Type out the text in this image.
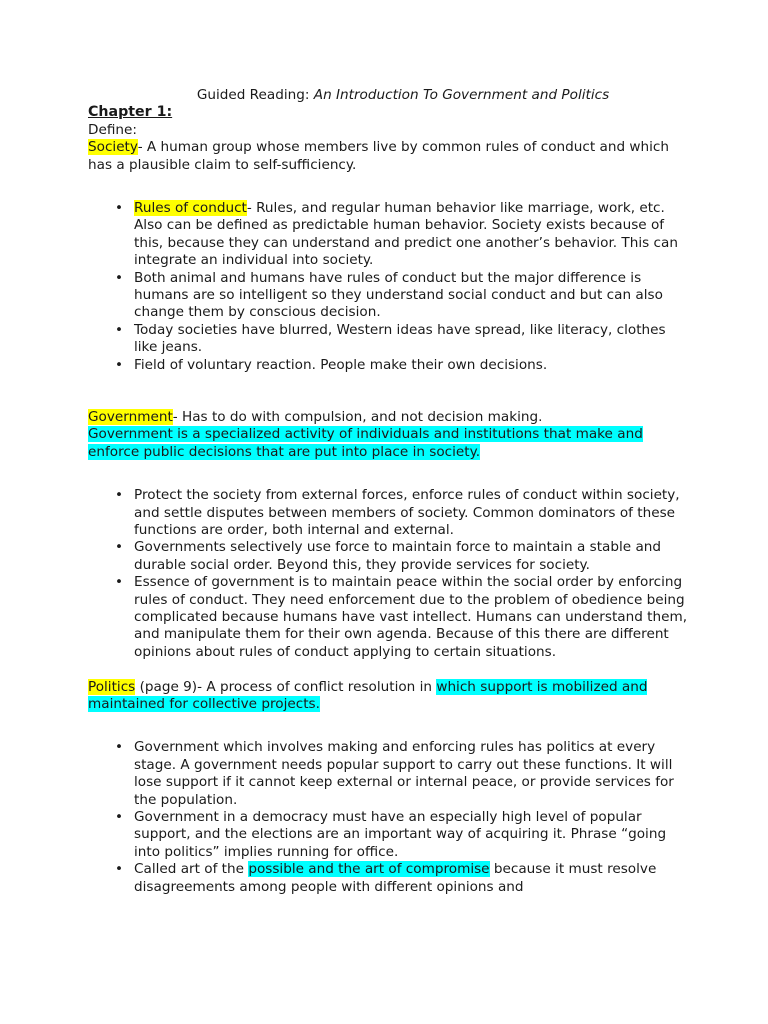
Guided Reading: An Introduction To Government and Politics

Chapter 1:

Define:

Society- A human group whose members live by common rules of conduct and which has a plausible claim to self-sufficiency.

• Rules of conduct- Rules, and regular human behavior like marriage, work, etc. Also can be defined as predictable human behavior. Society exists because of this, because they can understand and predict one another’s behavior. This can integrate an individual into society.
• Both animal and humans have rules of conduct but the major difference is humans are so intelligent so they understand social conduct and but can also change them by conscious decision.
• Today societies have blurred, Western ideas have spread, like literacy, clothes like jeans.
• Field of voluntary reaction. People make their own decisions.

Government- Has to do with compulsion, and not decision making.
Government is a specialized activity of individuals and institutions that make and enforce public decisions that are put into place in society.

• Protect the society from external forces, enforce rules of conduct within society, and settle disputes between members of society. Common dominators of these functions are order, both internal and external.
• Governments selectively use force to maintain force to maintain a stable and durable social order. Beyond this, they provide services for society.
• Essence of government is to maintain peace within the social order by enforcing rules of conduct. They need enforcement due to the problem of obedience being complicated because humans have vast intellect. Humans can understand them, and manipulate them for their own agenda. Because of this there are different opinions about rules of conduct applying to certain situations.

Politics (page 9)- A process of conflict resolution in which support is mobilized and maintained for collective projects.

• Government which involves making and enforcing rules has politics at every stage. A government needs popular support to carry out these functions. It will lose support if it cannot keep external or internal peace, or provide services for the population.
• Government in a democracy must have an especially high level of popular support, and the elections are an important way of acquiring it. Phrase “going into politics” implies running for office.
• Called art of the possible and the art of compromise because it must resolve disagreements among people with different opinions and
